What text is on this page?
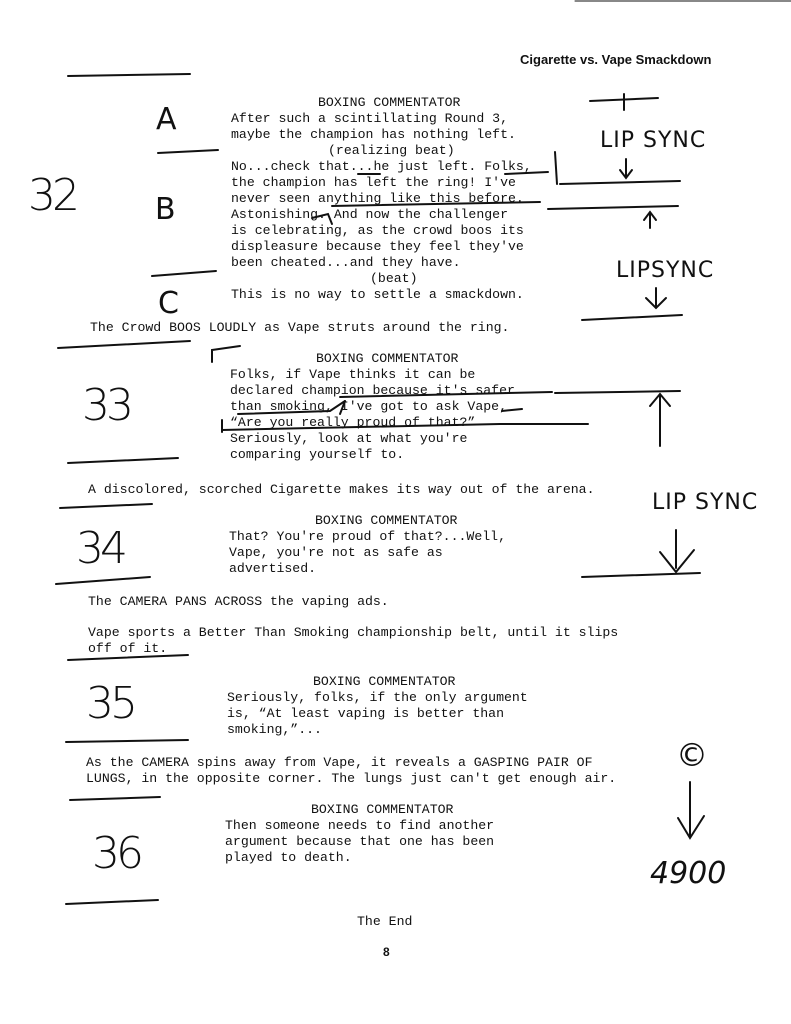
Cigarette vs. Vape Smackdown
BOXING COMMENTATOR
After such a scintillating Round 3,
maybe the champion has nothing left.
(realizing beat)
No...check that...he just left. Folks,
the champion has left the ring! I've
never seen anything like this before.
Astonishing. And now the challenger
is celebrating, as the crowd boos its
displeasure because they feel they've
been cheated...and they have.
(beat)
This is no way to settle a smackdown.
The Crowd BOOS LOUDLY as Vape struts around the ring.
BOXING COMMENTATOR
Folks, if Vape thinks it can be
declared champion because it's safer
than smoking, I've got to ask Vape,
“Are you really proud of that?”
Seriously, look at what you're
comparing yourself to.
A discolored, scorched Cigarette makes its way out of the arena.
BOXING COMMENTATOR
That? You're proud of that?...Well,
Vape, you're not as safe as
advertised.
The CAMERA PANS ACROSS the vaping ads.
Vape sports a Better Than Smoking championship belt, until it slips
off of it.
BOXING COMMENTATOR
Seriously, folks, if the only argument
is, “At least vaping is better than
smoking,”...
As the CAMERA spins away from Vape, it reveals a GASPING PAIR OF
LUNGS, in the opposite corner. The lungs just can't get enough air.
BOXING COMMENTATOR
Then someone needs to find another
argument because that one has been
played to death.
The End
8
32
33
34
35
36
A
B
C
LIP SYNC
LIPSYNC
LIP SYNC
©
4900
